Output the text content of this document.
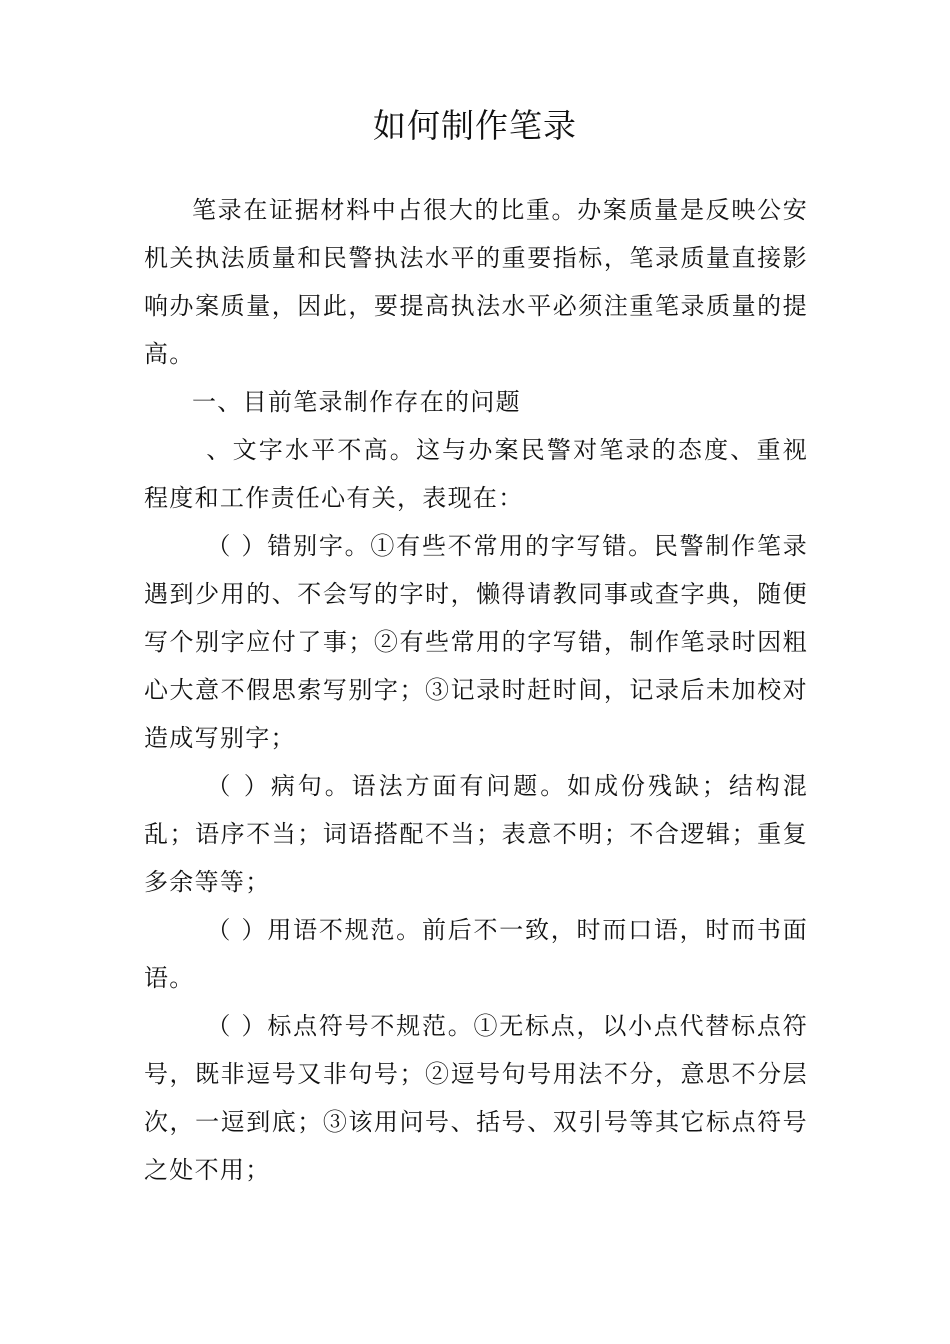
如何制作笔录

笔录在证据材料中占很大的比重。办案质量是反映公安机关执法质量和民警执法水平的重要指标，笔录质量直接影响办案质量，因此，要提高执法水平必须注重笔录质量的提高。

一、目前笔录制作存在的问题

、文字水平不高。这与办案民警对笔录的态度、重视程度和工作责任心有关，表现在：

（ ）错别字。①有些不常用的字写错。民警制作笔录遇到少用的、不会写的字时，懒得请教同事或查字典，随便写个别字应付了事；②有些常用的字写错，制作笔录时因粗心大意不假思索写别字；③记录时赶时间，记录后未加校对造成写别字；

（ ）病句。语法方面有问题。如成份残缺；结构混乱；语序不当；词语搭配不当；表意不明；不合逻辑；重复多余等等；

（ ）用语不规范。前后不一致，时而口语，时而书面语。

（ ）标点符号不规范。①无标点，以小点代替标点符号，既非逗号又非句号；②逗号句号用法不分，意思不分层次，一逗到底；③该用问号、括号、双引号等其它标点符号之处不用；
